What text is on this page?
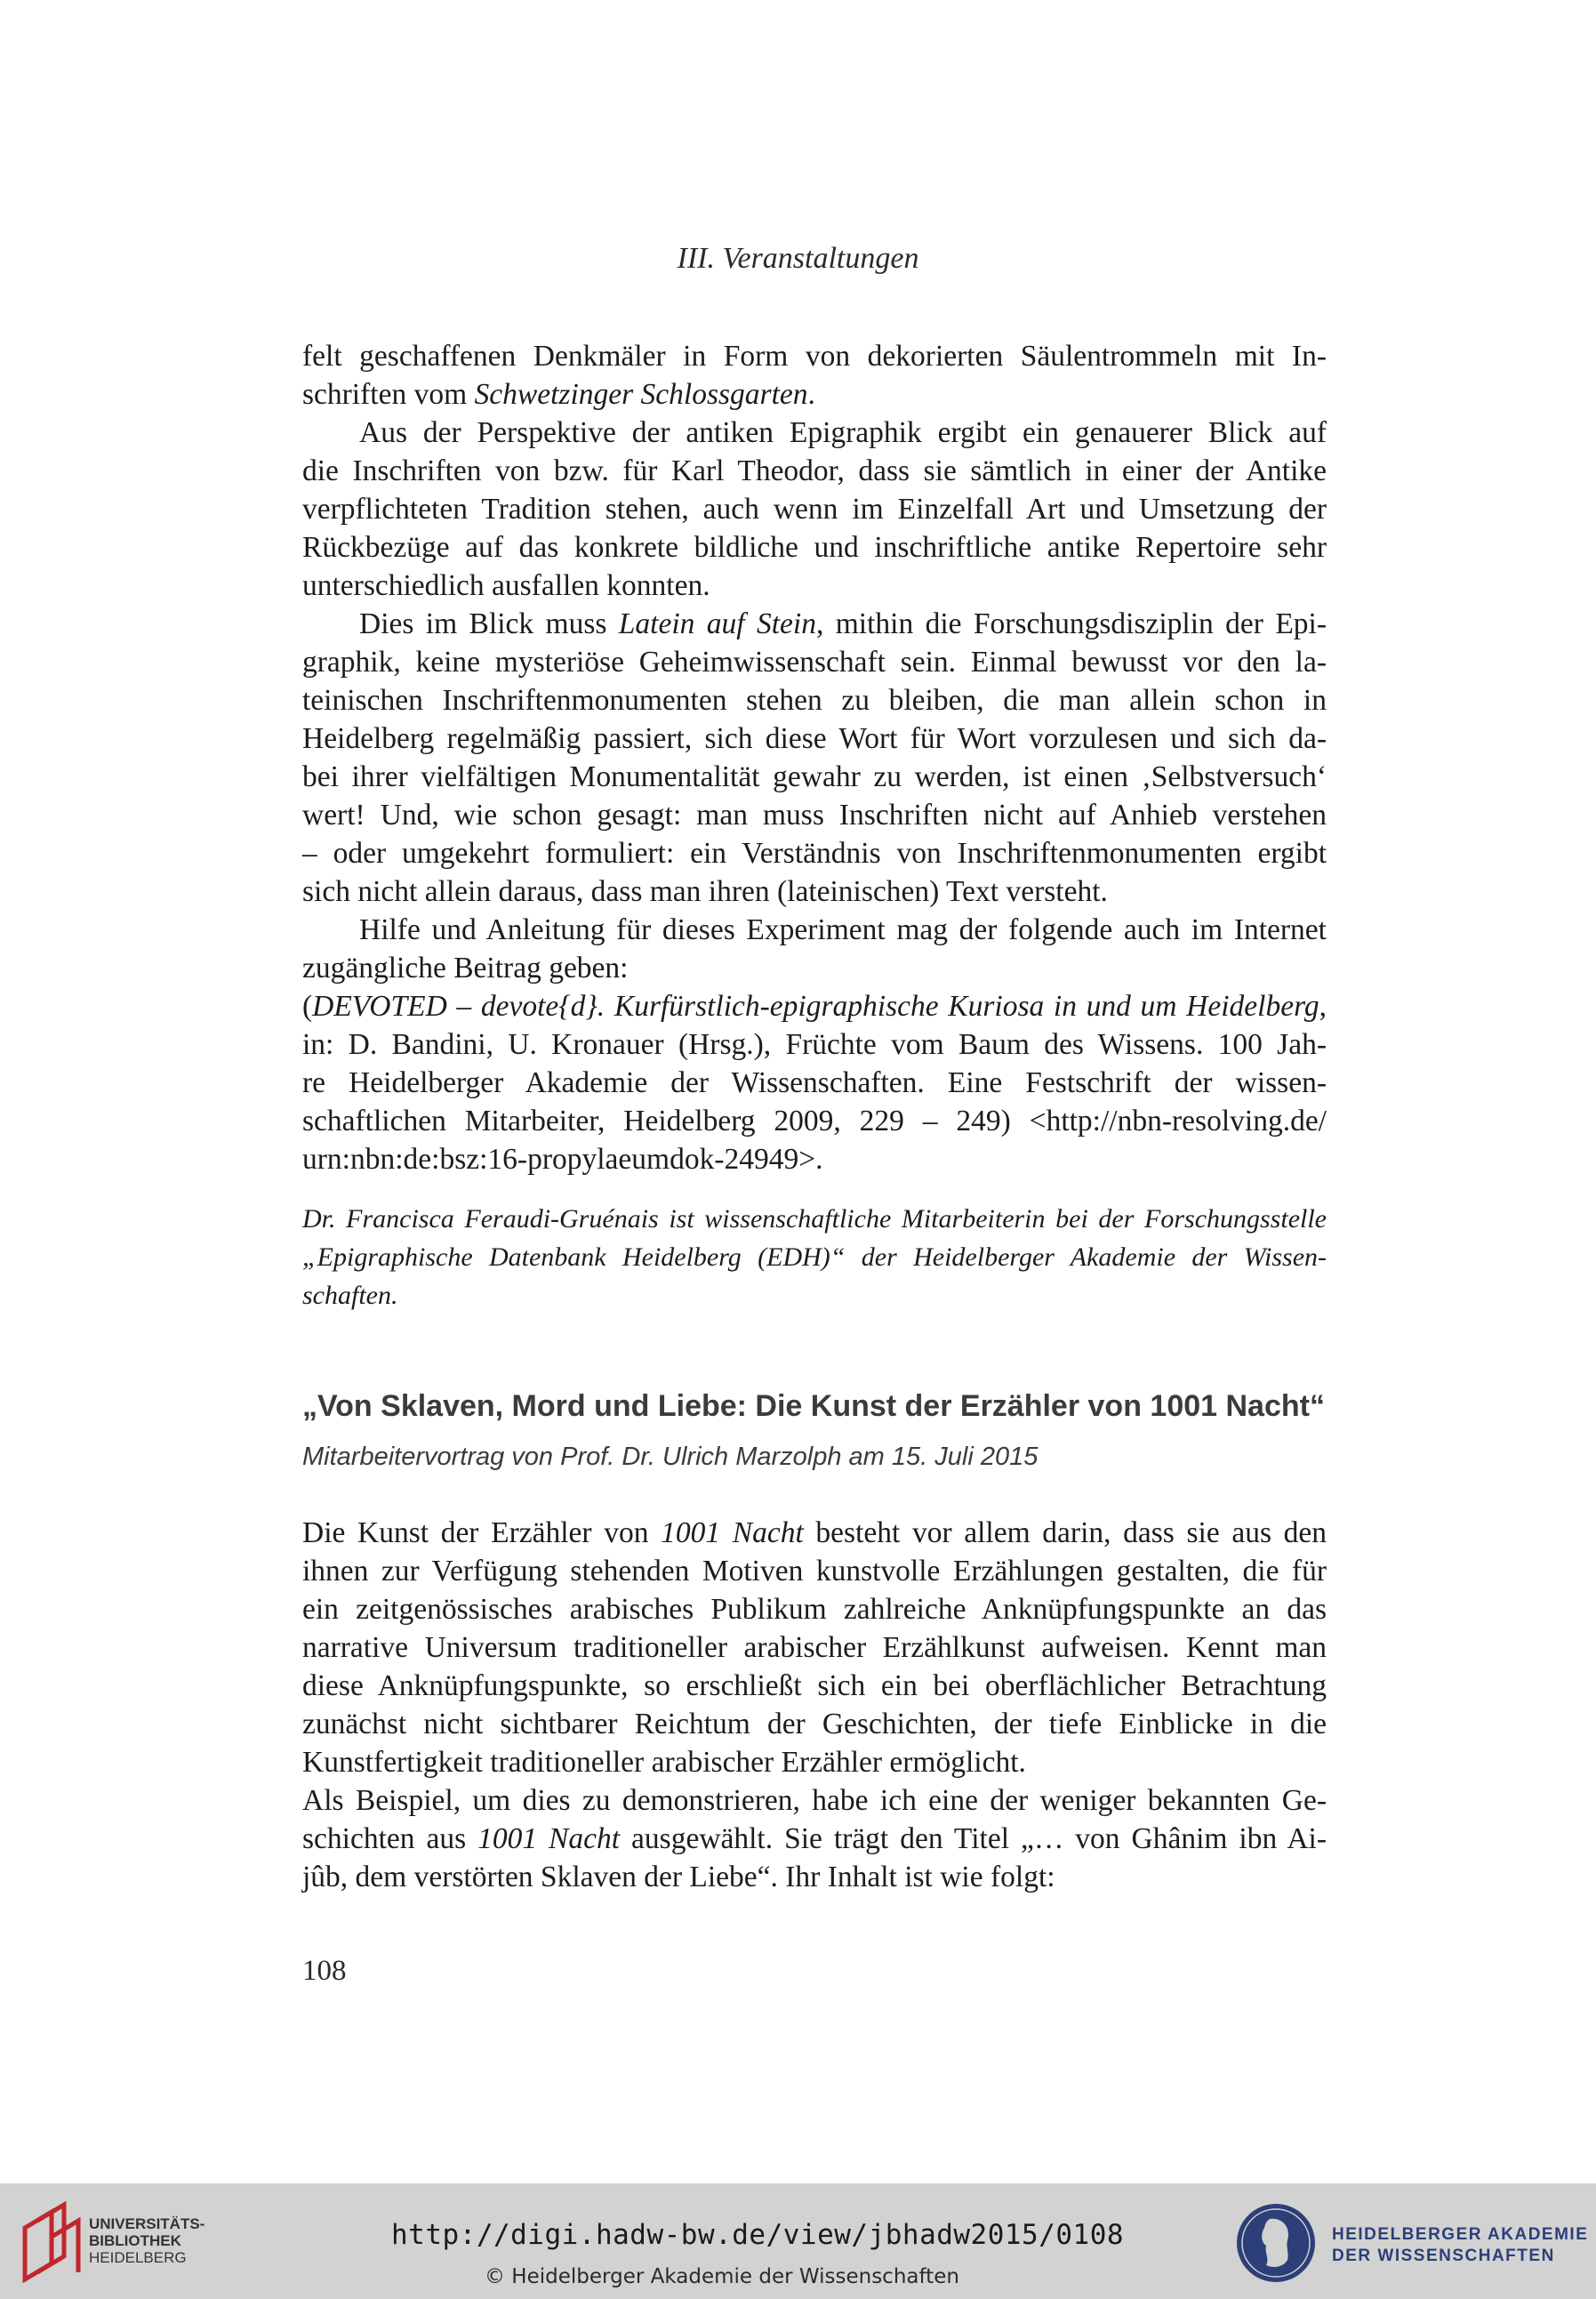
III. Veranstaltungen
felt geschaffenen Denkmäler in Form von dekorierten Säulentrommeln mit In-
schriften vom Schwetzinger Schlossgarten.
Aus der Perspektive der antiken Epigraphik ergibt ein genauerer Blick auf
die Inschriften von bzw. für Karl Theodor, dass sie sämtlich in einer der Antike
verpflichteten Tradition stehen, auch wenn im Einzelfall Art und Umsetzung der
Rückbezüge auf das konkrete bildliche und inschriftliche antike Repertoire sehr
unterschiedlich ausfallen konnten.
Dies im Blick muss Latein auf Stein, mithin die Forschungsdisziplin der Epi-
graphik, keine mysteriöse Geheimwissenschaft sein. Einmal bewusst vor den la-
teinischen Inschriftenmonumenten stehen zu bleiben, die man allein schon in
Heidelberg regelmäßig passiert, sich diese Wort für Wort vorzulesen und sich da-
bei ihrer vielfältigen Monumentalität gewahr zu werden, ist einen ‚Selbstversuch‘
wert! Und, wie schon gesagt: man muss Inschriften nicht auf Anhieb verstehen
– oder umgekehrt formuliert: ein Verständnis von Inschriftenmonumenten ergibt
sich nicht allein daraus, dass man ihren (lateinischen) Text versteht.
Hilfe und Anleitung für dieses Experiment mag der folgende auch im Internet
zugängliche Beitrag geben:
(DEVOTED – devote{d}. Kurfürstlich-epigraphische Kuriosa in und um Heidelberg,
in: D. Bandini, U. Kronauer (Hrsg.), Früchte vom Baum des Wissens. 100 Jah-
re Heidelberger Akademie der Wissenschaften. Eine Festschrift der wissen-
schaftlichen Mitarbeiter, Heidelberg 2009, 229 – 249) <http://nbn-resolving.de/
urn:nbn:de:bsz:16-propylaeumdok-24949>.
Dr. Francisca Feraudi-Gruénais ist wissenschaftliche Mitarbeiterin bei der Forschungsstelle
„Epigraphische Datenbank Heidelberg (EDH)“ der Heidelberger Akademie der Wissen-
schaften.
„Von Sklaven, Mord und Liebe: Die Kunst der Erzähler von 1001 Nacht“
Mitarbeitervortrag von Prof. Dr. Ulrich Marzolph am 15. Juli 2015
Die Kunst der Erzähler von 1001 Nacht besteht vor allem darin, dass sie aus den
ihnen zur Verfügung stehenden Motiven kunstvolle Erzählungen gestalten, die für
ein zeitgenössisches arabisches Publikum zahlreiche Anknüpfungspunkte an das
narrative Universum traditioneller arabischer Erzählkunst aufweisen. Kennt man
diese Anknüpfungspunkte, so erschließt sich ein bei oberflächlicher Betrachtung
zunächst nicht sichtbarer Reichtum der Geschichten, der tiefe Einblicke in die
Kunstfertigkeit traditioneller arabischer Erzähler ermöglicht.
Als Beispiel, um dies zu demonstrieren, habe ich eine der weniger bekannten Ge-
schichten aus 1001 Nacht ausgewählt. Sie trägt den Titel „… von Ghânim ibn Ai-
jûb, dem verstörten Sklaven der Liebe“. Ihr Inhalt ist wie folgt:
108
UNIVERSITÄTS-
BIBLIOTHEK
HEIDELBERG
http://digi.hadw-bw.de/view/jbhadw2015/0108
© Heidelberger Akademie der Wissenschaften
HEIDELBERGER AKADEMIE
DER WISSENSCHAFTEN
